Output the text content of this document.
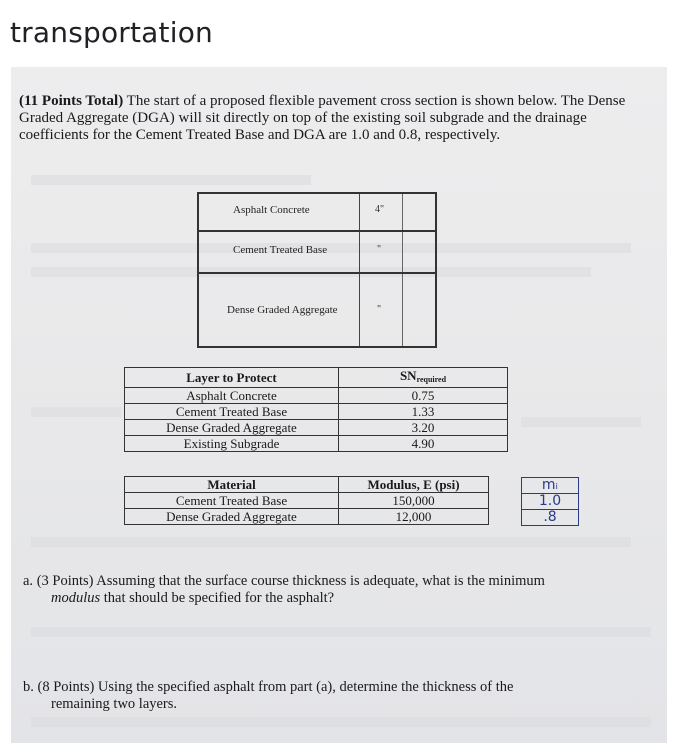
transportation
(11 Points Total) The start of a proposed flexible pavement cross section is shown below. The Dense Graded Aggregate (DGA) will sit directly on top of the existing soil subgrade and the drainage coefficients for the Cement Treated Base and DGA are 1.0 and 0.8, respectively.
Asphalt Concrete	4"
Cement Treated Base	"
Dense Graded Aggregate	"
Layer to Protect	$SN_{required}$
Asphalt Concrete	0.75
Cement Treated Base	1.33
Dense Graded Aggregate	3.20
Existing Subgrade	4.90
Material	Modulus, E (psi)
Cement Treated Base	150,000
Dense Graded Aggregate	12,000
mᵢ
1.0
.8
a. (3 Points) Assuming that the surface course thickness is adequate, what is the minimum
modulus that should be specified for the asphalt?
b. (8 Points) Using the specified asphalt from part (a), determine the thickness of the
remaining two layers.
